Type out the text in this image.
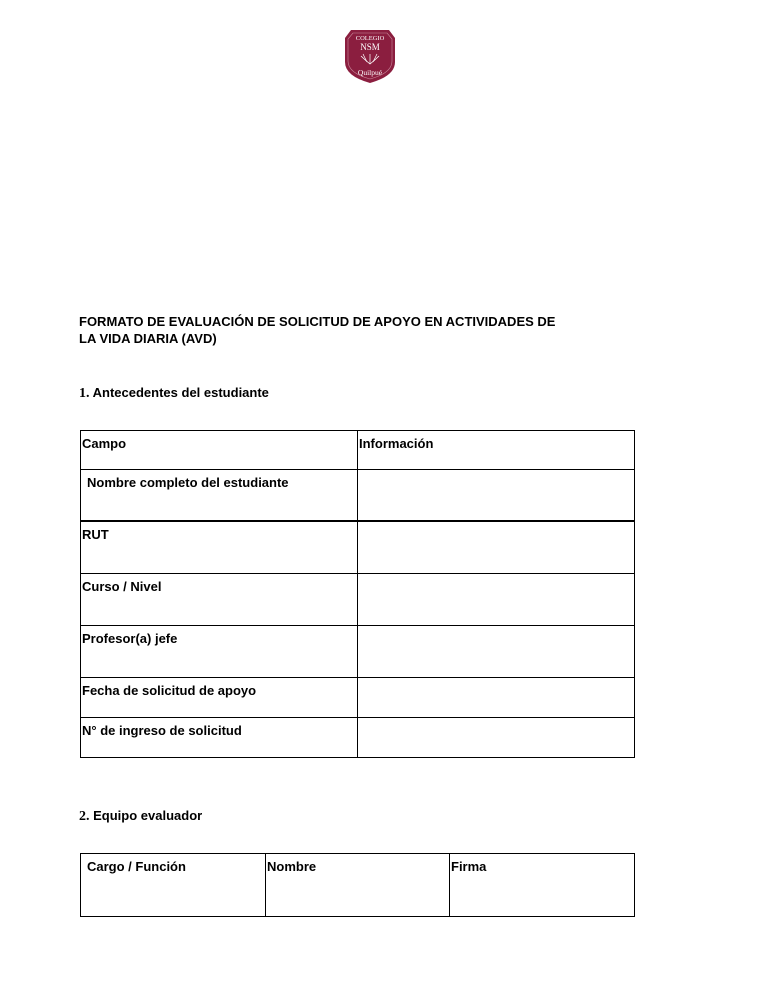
COLEGIO
NSM
Quilpué
FORMATO DE EVALUACIÓN DE SOLICITUD DE APOYO EN ACTIVIDADES DE
LA VIDA DIARIA (AVD)
1. Antecedentes del estudiante
Campo	Información

Nombre completo del estudiante	

RUT	

Curso / Nivel	

Profesor(a) jefe	

Fecha de solicitud de apoyo	

N° de ingreso de solicitud	

2. Equipo evaluador
Cargo / Función	Nombre	Firma
